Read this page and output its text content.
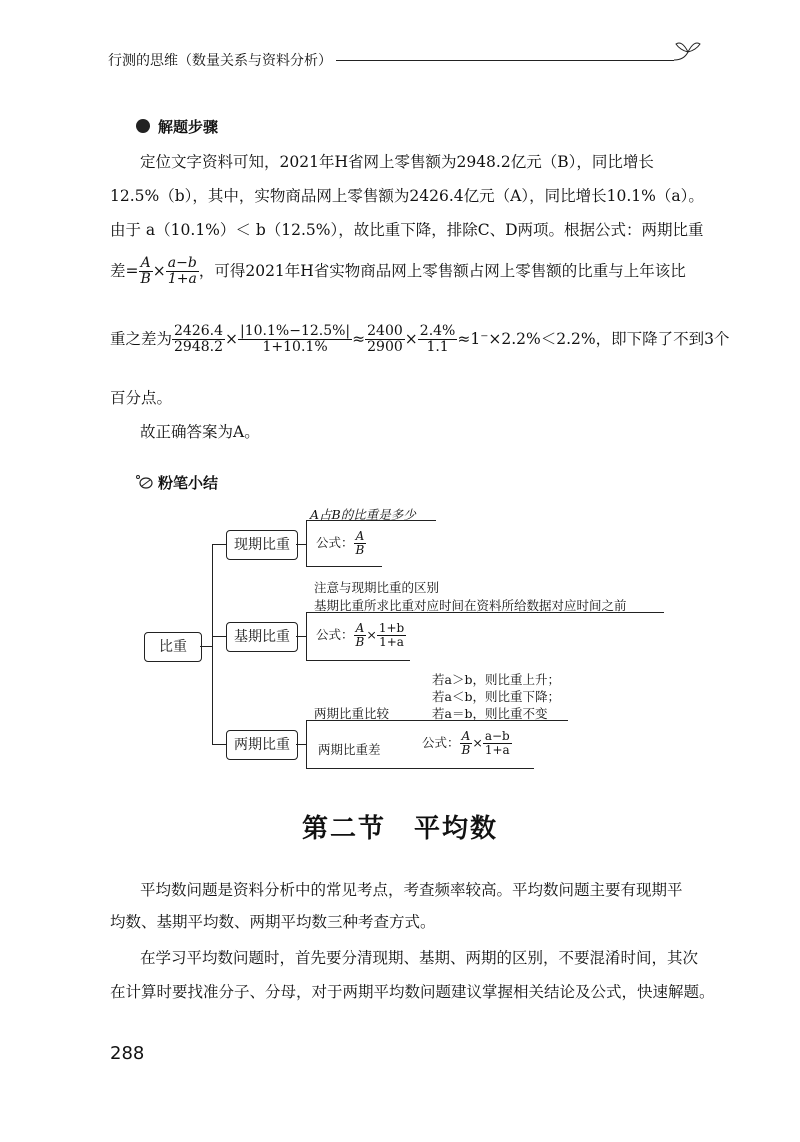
行测的思维（数量关系与资料分析）
解题步骤
定位文字资料可知，2021年H省网上零售额为2948.2亿元（B），同比增长
12.5%（b），其中，实物商品网上零售额为2426.4亿元（A），同比增长10.1%（a）。
由于 a（10.1%）＜ b（12.5%），故比重下降，排除C、D两项。根据公式：两期比重
差= $\frac{A}{B} \times \frac{a-b}{1+a}$ ，可得2021年H省实物商品网上零售额占网上零售额的比重与上年该比
重之差为 $\frac{2426.4}{2948.2} \times \frac{|10.1\%-12.5\%|}{1+10.1\%} \approx \frac{2400}{2900} \times \frac{2.4\%}{1.1} \approx 1^-\times 2.2\%<2.2\%$，即下降了不到3个
百分点。
故正确答案为A。
粉笔小结
比重
现期比重
A占B的比重是多少
公式： $\frac{A}{B}$
基期比重
注意与现期比重的区别
基期比重所求比重对应时间在资料所给数据对应时间之前
公式： $\frac{A}{B} \times \frac{1+b}{1+a}$
两期比重
若a＞b，则比重上升；
若a＜b，则比重下降；
若a＝b，则比重不变
两期比重比较
两期比重差	公式： $\frac{A}{B} \times \frac{a-b}{1+a}$
第二节　平均数
平均数问题是资料分析中的常见考点，考查频率较高。平均数问题主要有现期平
均数、基期平均数、两期平均数三种考查方式。
在学习平均数问题时，首先要分清现期、基期、两期的区别，不要混淆时间，其次
在计算时要找准分子、分母，对于两期平均数问题建议掌握相关结论及公式，快速解题。
288
